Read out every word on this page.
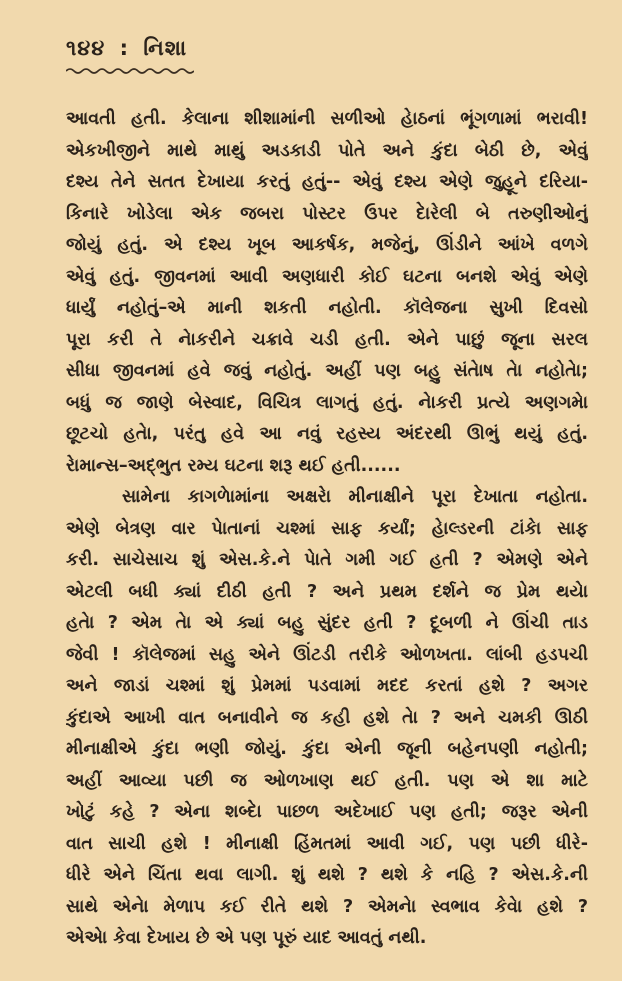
૧૪૪ : નિશા
આવતી હતી. કેલાના શીશામાંની સળીઓ હેાઠનાં ભૂંગળામાં ભરાવી!
એકખીજીને માથે માથું અડકાડી પોતે અને કુંદા બેઠી છે, એવું
દશ્ય તેને સતત દેખાયા કરતું હતું-- એવું દશ્ય એણે જુહૂને દરિયા-
કિનારે ખોડેલા એક જબરા પોસ્ટર ઉપર દેારેલી બે તરુણીઓનું
જોયું હતું. એ દશ્ય ખૂબ આકર્ષક, મજેનું, ઊંડીને આંખે વળગે
એવું હતું. જીવનમાં આવી અણધારી કોઈ ઘટના બનશે એવું એણે
ધાર્યું નહોતું–એ માની શકતી નહોતી. કૉલેજના સુખી દિવસો
પૂરા કરી તે નેાકરીને ચક્રાવે ચડી હતી. એને પાછું જૂના સરલ
સીધા જીવનમાં હવે જવું નહોતું. અહીં પણ બહુ સંતેાષ તેા નહોતેા;
બધું જ જાણે બેસ્વાદ, વિચિત્ર લાગતું હતું. નેાકરી પ્રત્યે અણગમેા
છૂટચો હતેા, પરંતુ હવે આ નવું રહસ્ય અંદરથી ઊભું થયું હતું.
રેામાન્સ–અદ્‌ભુત રમ્ય ઘટના શરૂ થઈ હતી......
સામેના કાગળેામાંના અક્ષરેા મીનાક્ષીને પૂરા દેખાતા નહોતા.
એણે બેત્રણ વાર પેાતાનાં ચશ્માં સાફ કર્યાં; હેાલ્ડરની ટાંકેા સાફ
કરી. સાચેસાચ શું એસ.કે.ને પેાતે ગમી ગઈ હતી ? એમણે એને
એટલી બધી ક્યાં દીઠી હતી ? અને પ્રથમ દર્શને જ પ્રેમ થયેા
હતેા ? એમ તેા એ ક્યાં બહુ સુંદર હતી ? દૂબળી ને ઊંચી તાડ
જેવી ! કૉલેજમાં સહુ એને ઊંટડી તરીકે ઓળખતા. લાંબી હડપચી
અને જાડાં ચશ્માં શું પ્રેમમાં પડવામાં મદદ કરતાં હશે ? અગર
કુંદાએ આખી વાત બનાવીને જ કહી હશે તેા ? અને ચમકી ઊઠી
મીનાક્ષીએ કુંદા ભણી જોયું. કુંદા એની જૂની બહેનપણી નહોતી;
અહીં આવ્યા પછી જ ઓળખાણ થઈ હતી. પણ એ શા માટે
ખોટું કહે ? એના શબ્દેા પાછળ અદેખાઈ પણ હતી; જરૂર એની
વાત સાચી હશે ! મીનાક્ષી હિંમતમાં આવી ગઈ, પણ પછી ધીરે-
ધીરે એને ચિંતા થવા લાગી. શું થશે ? થશે કે નહિ ? એસ.કે.ની
સાથે એનેા મેળાપ કઈ રીતે થશે ? એમનેા સ્વભાવ કેવેા હશે ?
એએા કેવા દેખાય છે એ પણ પૂરું યાદ આવતું નથી.
